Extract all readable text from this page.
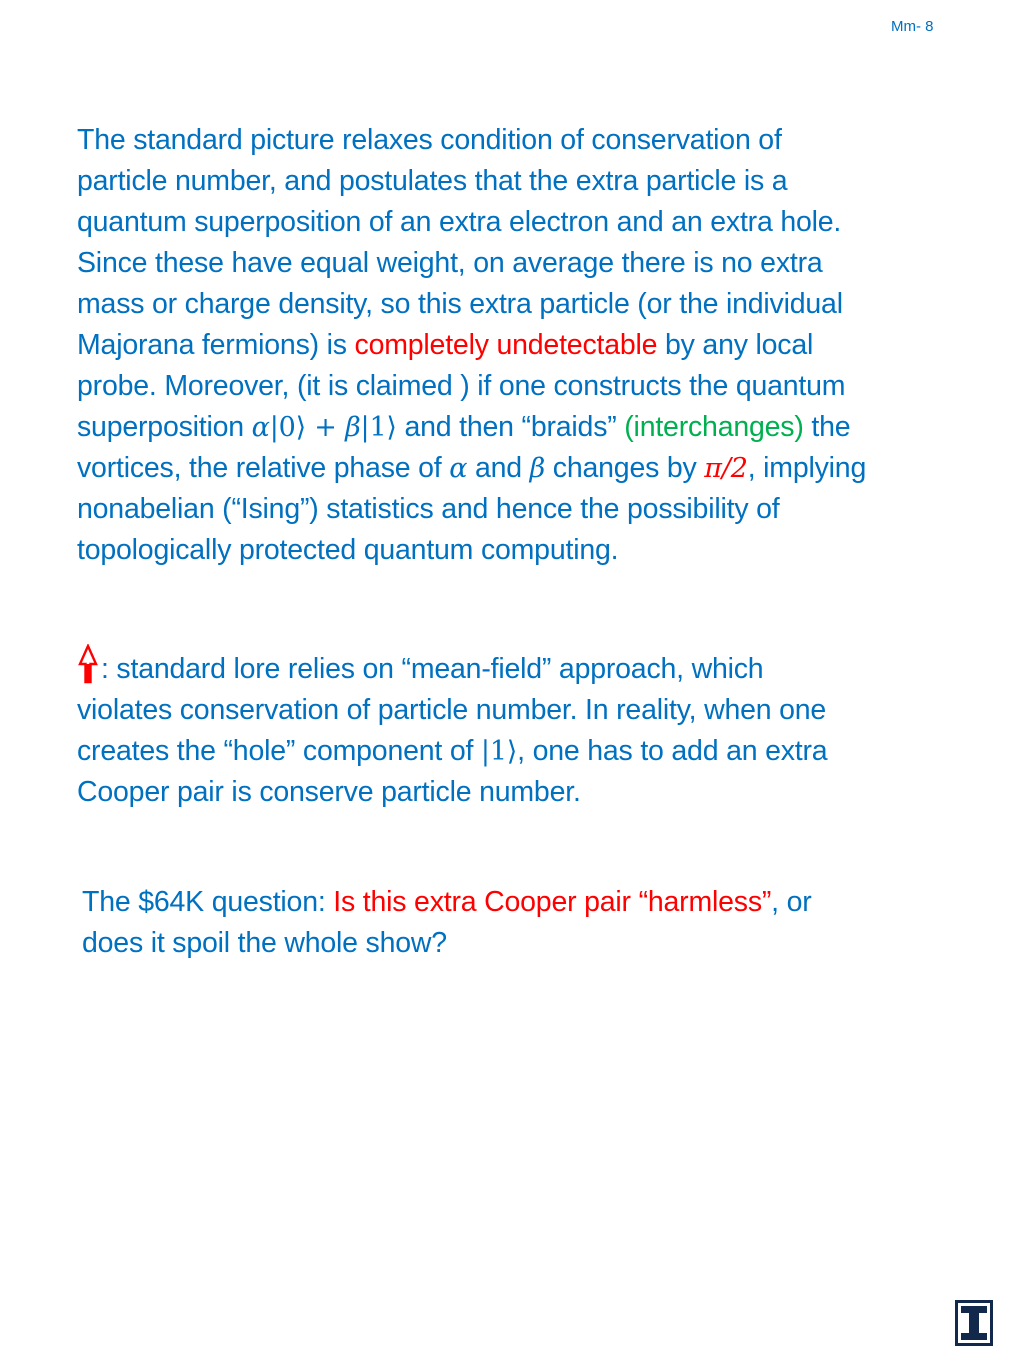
Mm- 8
The standard picture relaxes condition of conservation of
particle number, and postulates that the extra particle is a
quantum superposition of an extra electron and an extra hole.
Since these have equal weight, on average there is no extra
mass or charge density, so this extra particle (or the individual
Majorana fermions) is completely undetectable by any local
probe. Moreover, (it is claimed ) if one constructs the quantum
superposition α|0⟩ + β|1⟩ and then “braids” (interchanges) the
vortices, the relative phase of α and β changes by π/2, implying
nonabelian (“Ising”) statistics and hence the possibility of
topologically protected quantum computing.
: standard lore relies on “mean-field” approach, which
violates conservation of particle number. In reality, when one
creates the “hole” component of |1⟩, one has to add an extra
Cooper pair is conserve particle number.
The $64K question: Is this extra Cooper pair “harmless”, or
does it spoil the whole show?
